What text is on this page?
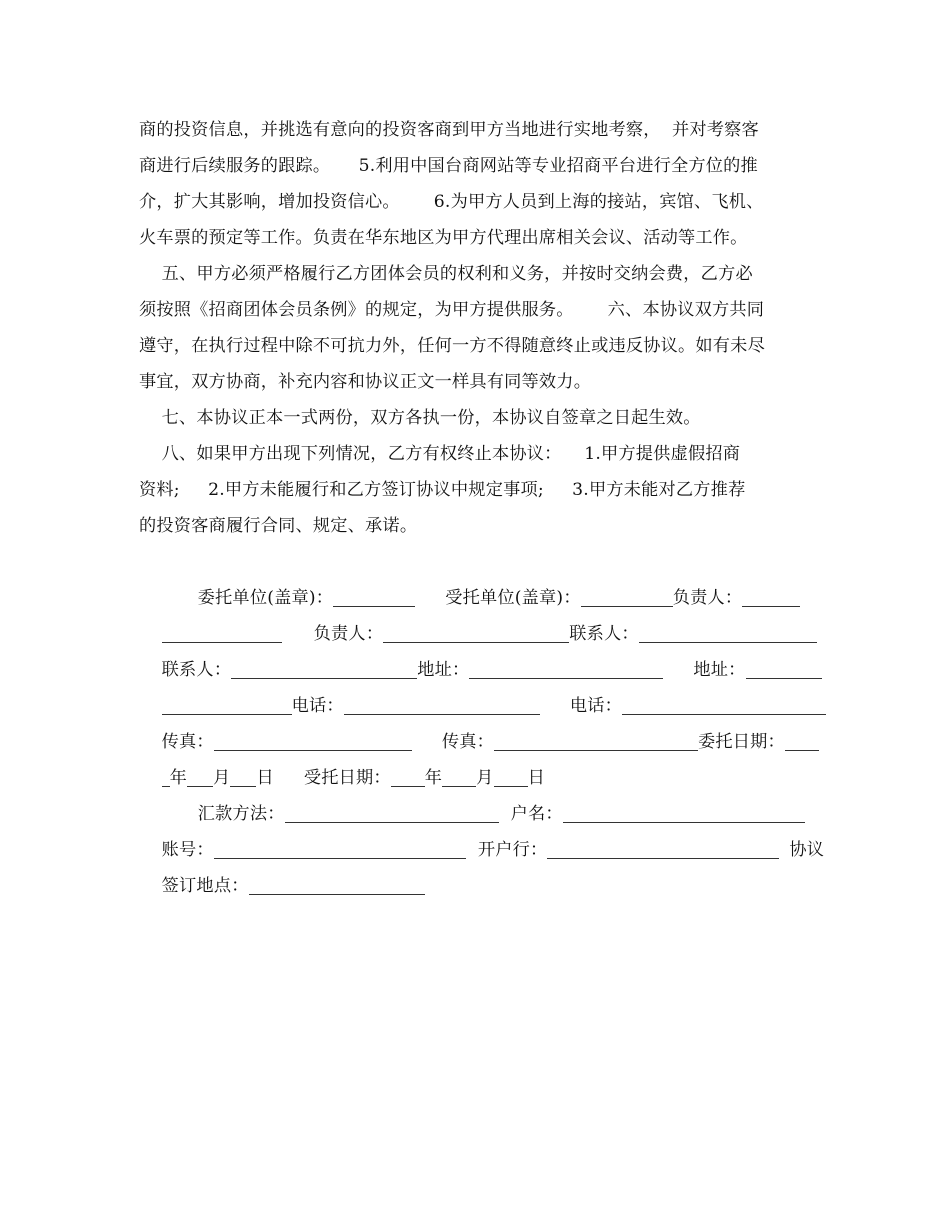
商的投资信息，并挑选有意向的投资客商到甲方当地进行实地考察，  并对考察客
商进行后续服务的跟踪。     5.利用中国台商网站等专业招商平台进行全方位的推
介，扩大其影响，增加投资信心。      6.为甲方人员到上海的接站，宾馆、飞机、
火车票的预定等工作。负责在华东地区为甲方代理出席相关会议、活动等工作。
五、甲方必须严格履行乙方团体会员的权利和义务，并按时交纳会费，乙方必
须按照《招商团体会员条例》的规定，为甲方提供服务。      六、本协议双方共同
遵守，在执行过程中除不可抗力外，任何一方不得随意终止或违反协议。如有未尽
事宜，双方协商，补充内容和协议正文一样具有同等效力。
七、本协议正本一式两份，双方各执一份，本协议自签章之日起生效。
八、如果甲方出现下列情况，乙方有权终止本协议：    1.甲方提供虚假招商
资料;     2.甲方未能履行和乙方签订协议中规定事项;     3.甲方未能对乙方推荐
的投资客商履行合同、规定、承诺。

委托单位(盖章)：	受托单位(盖章)：	负责人：

负责人：	联系人：

联系人：	地址：	地址：

电话：	电话：

传真：	传真：	委托日期：

年 月 日 受托日期： 年 月 日

汇款方法：	户名：

账号：	开户行：	协议

签订地点：
